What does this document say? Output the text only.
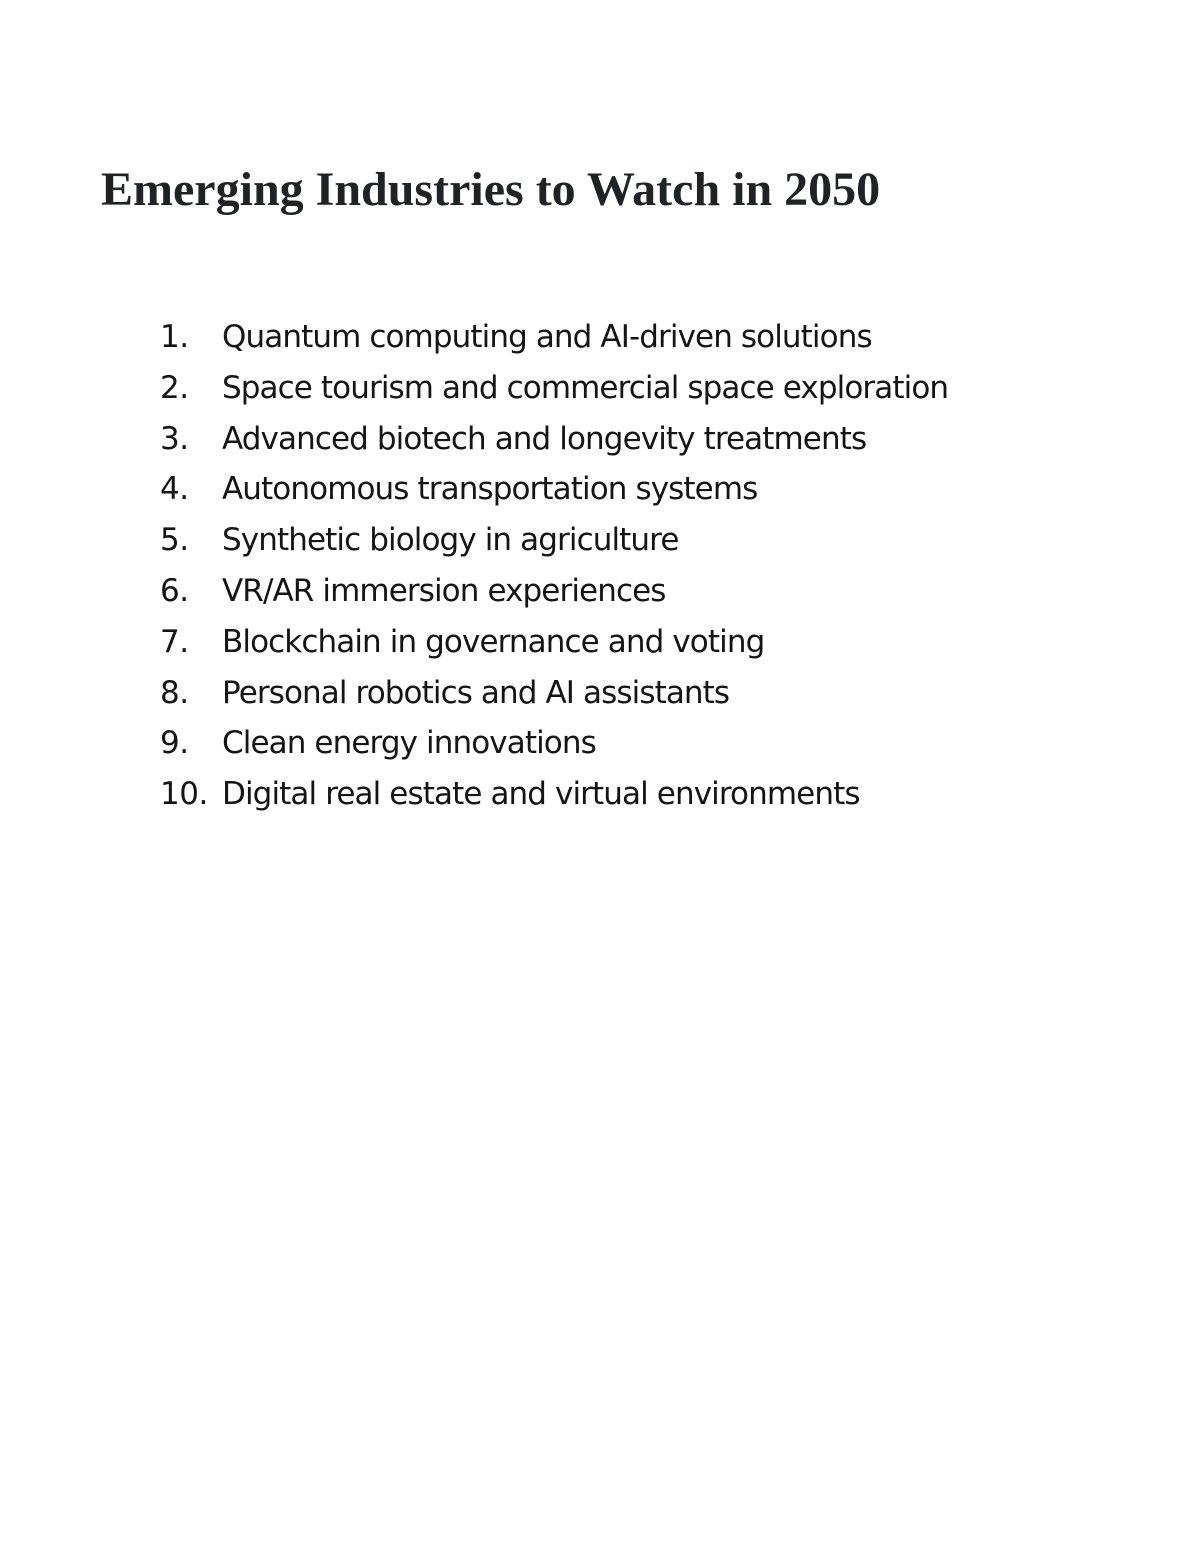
Emerging Industries to Watch in 2050
1. Quantum computing and AI-driven solutions
2. Space tourism and commercial space exploration
3. Advanced biotech and longevity treatments
4. Autonomous transportation systems
5. Synthetic biology in agriculture
6. VR/AR immersion experiences
7. Blockchain in governance and voting
8. Personal robotics and AI assistants
9. Clean energy innovations
10. Digital real estate and virtual environments
